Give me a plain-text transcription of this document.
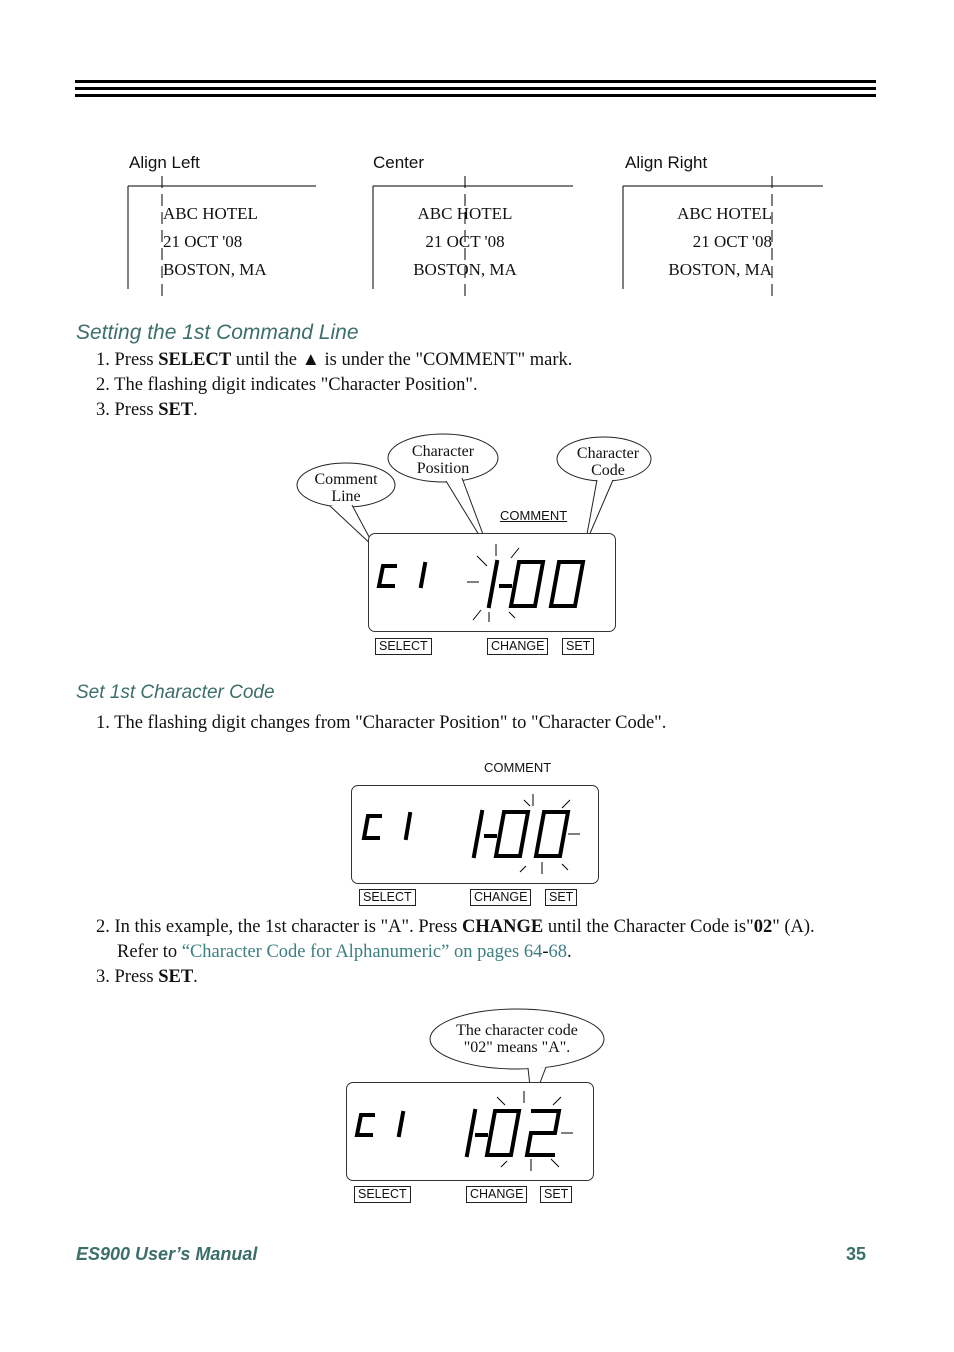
Align Left	Center	Align Right
ABC HOTEL
21 OCT '08
BOSTON, MA
ABC HOTEL
21 OCT '08
BOSTON, MA
ABC HOTEL
21 OCT '08
BOSTON, MA
Setting the 1st Command Line
1. Press SELECT until the ▲ is under the "COMMENT" mark.
2. The flashing digit indicates "Character Position".
3. Press SET.
Comment
Line
Character
Position
Character
Code
COMMENT
SELECT	CHANGE	SET
Set 1st Character Code
1. The flashing digit changes from "Character Position" to "Character Code".
COMMENT
SELECT	CHANGE	SET
2. In this example, the 1st character is "A". Press CHANGE until the Character Code is"02" (A).
Refer to “Character Code for Alphanumeric” on pages 64-68.
3. Press SET.
The character code
"02" means "A".
SELECT	CHANGE	SET
ES900 User’s Manual	35
